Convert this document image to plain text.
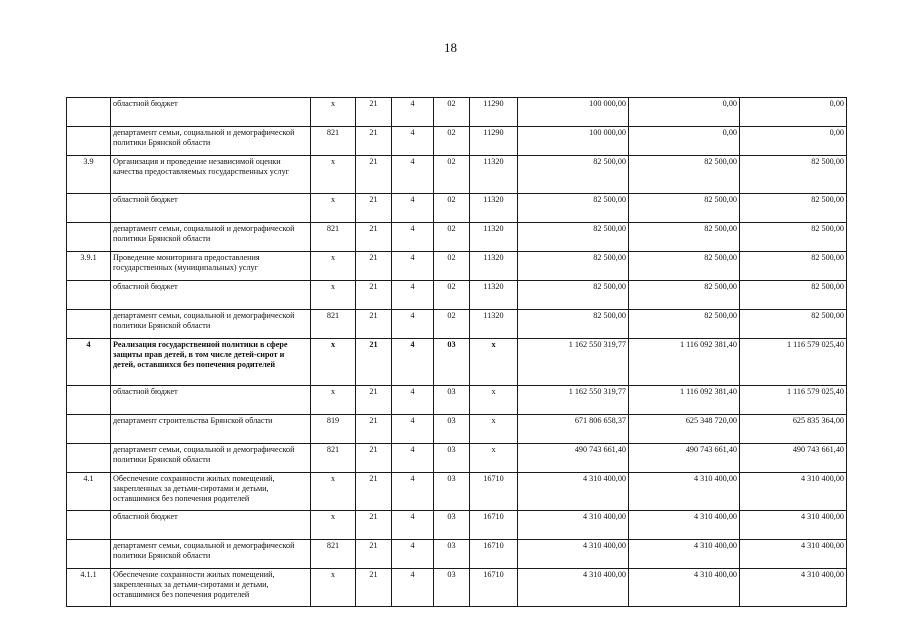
18
	областной бюджет	x	21	4	02	11290	100 000,00	0,00	0,00
	департамент семьи, социальной и демографической политики Брянской области	821	21	4	02	11290	100 000,00	0,00	0,00
3.9	Организация и проведение независимой оценки качества предоставляемых государственных услуг	x	21	4	02	11320	82 500,00	82 500,00	82 500,00
	областной бюджет	x	21	4	02	11320	82 500,00	82 500,00	82 500,00
	департамент семьи, социальной и демографической политики Брянской области	821	21	4	02	11320	82 500,00	82 500,00	82 500,00
3.9.1	Проведение мониторинга предоставления государственных (муниципальных) услуг	x	21	4	02	11320	82 500,00	82 500,00	82 500,00
	областной бюджет	x	21	4	02	11320	82 500,00	82 500,00	82 500,00
	департамент семьи, социальной и демографической политики Брянской области	821	21	4	02	11320	82 500,00	82 500,00	82 500,00
4	Реализация государственной политики в сфере защиты прав детей, в том числе детей-сирот и детей, оставшихся без попечения родителей	x	21	4	03	x	1 162 550 319,77	1 116 092 381,40	1 116 579 025,40
	областной бюджет	x	21	4	03	x	1 162 550 319,77	1 116 092 381,40	1 116 579 025,40
	департамент строительства Брянской области	819	21	4	03	x	671 806 658,37	625 348 720,00	625 835 364,00
	департамент семьи, социальной и демографической политики Брянской области	821	21	4	03	x	490 743 661,40	490 743 661,40	490 743 661,40
4.1	Обеспечение сохранности жилых помещений, закрепленных за детьми-сиротами и детьми, оставшимися без попечения родителей	x	21	4	03	16710	4 310 400,00	4 310 400,00	4 310 400,00
	областной бюджет	x	21	4	03	16710	4 310 400,00	4 310 400,00	4 310 400,00
	департамент семьи, социальной и демографической политики Брянской области	821	21	4	03	16710	4 310 400,00	4 310 400,00	4 310 400,00
4.1.1	Обеспечение сохранности жилых помещений, закрепленных за детьми-сиротами и детьми, оставшимися без попечения родителей	x	21	4	03	16710	4 310 400,00	4 310 400,00	4 310 400,00
